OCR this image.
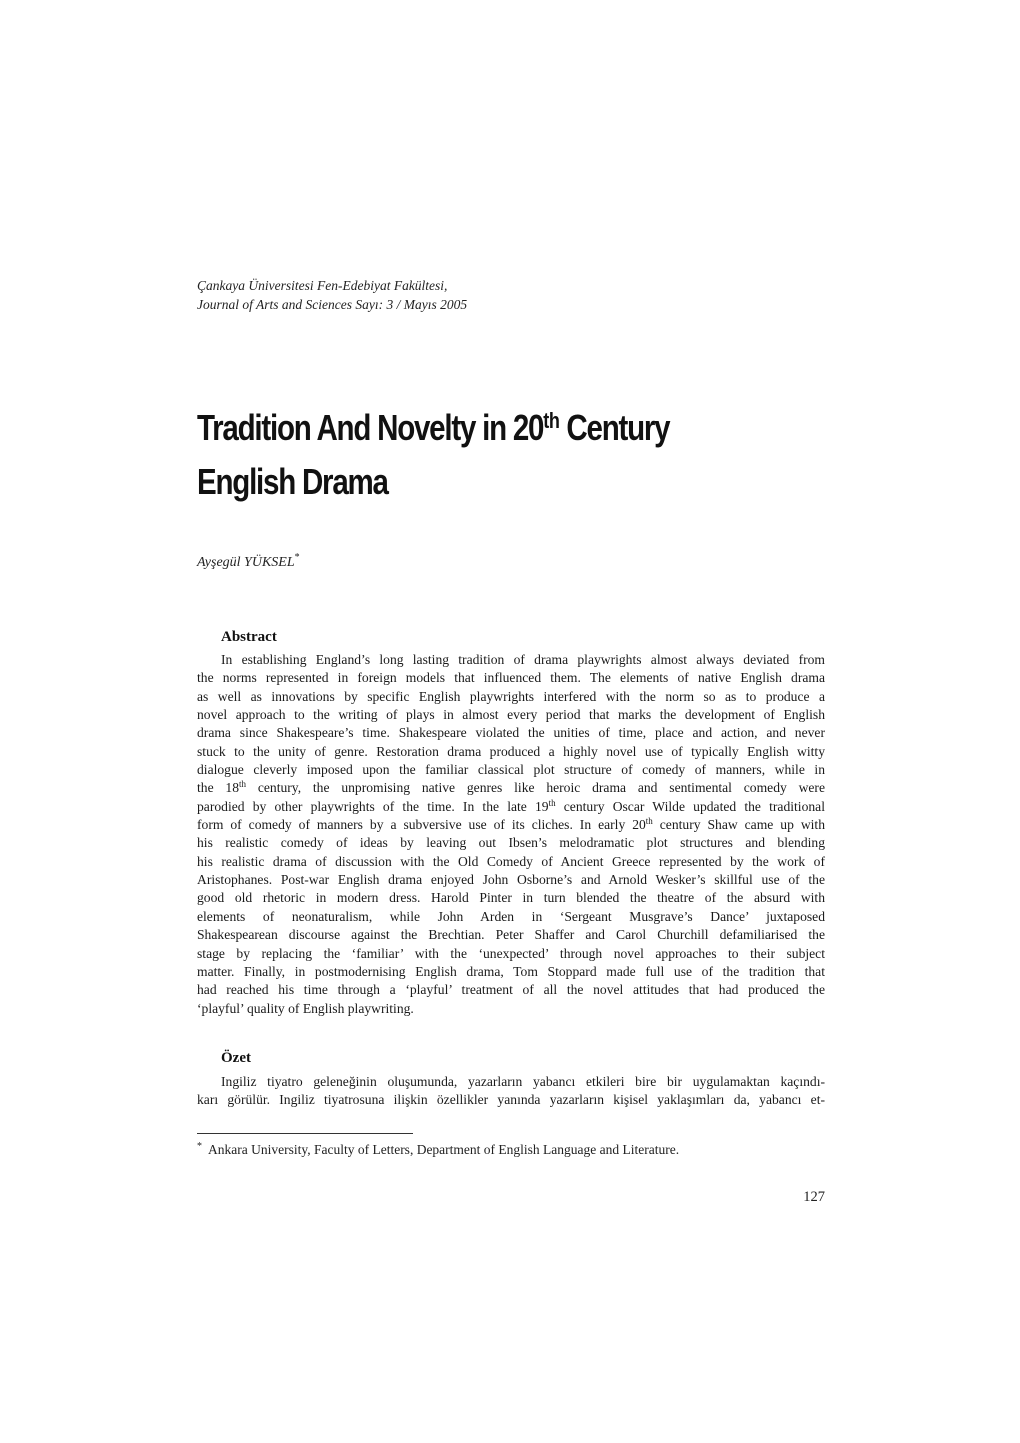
Çankaya Üniversitesi Fen-Edebiyat Fakültesi,
Journal of Arts and Sciences Sayı: 3 / Mayıs 2005
Tradition And Novelty in 20th Century
English Drama
Ayşegül YÜKSEL*
Abstract
In establishing England’s long lasting tradition of drama playwrights almost always deviated from
the norms represented in foreign models that influenced them. The elements of native English drama
as well as innovations by specific English playwrights interfered with the norm so as to produce a
novel approach to the writing of plays in almost every period that marks the development of English
drama since Shakespeare’s time. Shakespeare violated the unities of time, place and action, and never
stuck to the unity of genre. Restoration drama produced a highly novel use of typically English witty
dialogue cleverly imposed upon the familiar classical plot structure of comedy of manners, while in
the 18th century, the unpromising native genres like heroic drama and sentimental comedy were
parodied by other playwrights of the time. In the late 19th century Oscar Wilde updated the traditional
form of comedy of manners by a subversive use of its cliches. In early 20th century Shaw came up with
his realistic comedy of ideas by leaving out Ibsen’s melodramatic plot structures and blending
his realistic drama of discussion with the Old Comedy of Ancient Greece represented by the work of
Aristophanes. Post-war English drama enjoyed John Osborne’s and Arnold Wesker’s skillful use of the
good old rhetoric in modern dress. Harold Pinter in turn blended the theatre of the absurd with
elements of neonaturalism, while John Arden in ‘Sergeant Musgrave’s Dance’ juxtaposed
Shakespearean discourse against the Brechtian. Peter Shaffer and Carol Churchill defamiliarised the
stage by replacing the ‘familiar’ with the ‘unexpected’ through novel approaches to their subject
matter. Finally, in postmodernising English drama, Tom Stoppard made full use of the tradition that
had reached his time through a ‘playful’ treatment of all the novel attitudes that had produced the
‘playful’ quality of English playwriting.
Özet
Ingiliz tiyatro geleneğinin oluşumunda, yazarların yabancı etkileri bire bir uygulamaktan kaçındı-
karı görülür. Ingiliz tiyatrosuna ilişkin özellikler yanında yazarların kişisel yaklaşımları da, yabancı et-
* Ankara University, Faculty of Letters, Department of English Language and Literature.
127
